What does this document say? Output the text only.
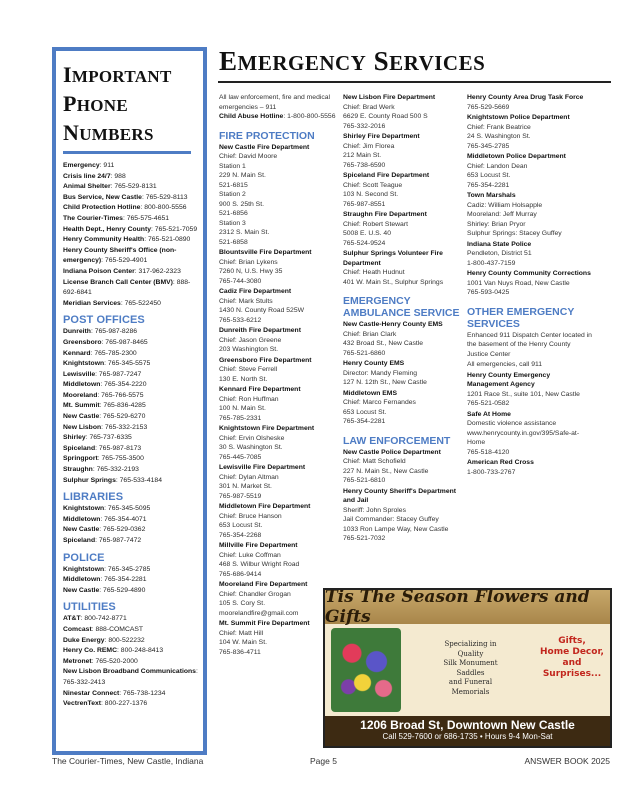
IMPORTANT
PHONE
NUMBERS
Emergency: 911
Crisis line 24/7: 988
Animal Shelter: 765-529-8131
Bus Service, New Castle: 765-529-8113
Child Protection Hotline: 800-800-5556
The Courier-Times: 765-575-4651
Health Dept., Henry County: 765-521-7059
Henry Community Health: 765-521-0890
Henry County Sheriff's Office (non-emergency): 765-529-4901
Indiana Poison Center: 317-962-2323
License Branch Call Center (BMV): 888-692-6841
Meridian Services: 765-522450
POST OFFICES
Dunreith: 765-987-8286
Greensboro: 765-987-8465
Kennard: 765-785-2300
Knightstown: 765-345-5575
Lewisville: 765-987-7247
Middletown: 765-354-2220
Mooreland: 765-766-5575
Mt. Summit: 765-836-4285
New Castle: 765-529-6270
New Lisbon: 765-332-2153
Shirley: 765-737-6335
Spiceland: 765-987-8173
Springport: 765-755-3500
Straughn: 765-332-2193
Sulphur Springs: 765-533-4184
LIBRARIES
Knightstown: 765-345-5095
Middletown: 765-354-4071
New Castle: 765-529-0362
Spiceland: 765-987-7472
POLICE
Knightstown: 765-345-2785
Middletown: 765-354-2281
New Castle: 765-529-4890
UTILITIES
AT&T: 800-742-8771
Comcast: 888-COMCAST
Duke Energy: 800-522232
Henry Co. REMC: 800-248-8413
Metronet: 765-520-2000
New Lisbon Broadband Communications: 765-332-2413
Ninestar Connect: 765-738-1234
VectrenText: 800-227-1376
EMERGENCY SERVICES
All law enforcement, fire and medical emergencies – 911
Child Abuse Hotline: 1-800-800-5556
FIRE PROTECTION
New Castle Fire Department
Chief: David Moore
Station 1
229 N. Main St.
521-6815
Station 2
900 S. 25th St.
521-6856
Station 3
2312 S. Main St.
521-6858
Blountsville Fire Department
Chief: Brian Lykens
7260 N, U.S. Hwy 35
765-744-3080
Cadiz Fire Department
Chief: Mark Stults
1430 N. County Road 525W
765-533-6212
Dunreith Fire Department
Chief: Jason Greene
203 Washington St.
Greensboro Fire Department
Chief: Steve Ferrell
130 E. North St.
Kennard Fire Department
Chief: Ron Huffman
100 N. Main St.
765-785-2331
Knightstown Fire Department
Chief: Ervin Olsheske
30 S. Washington St.
765-445-7085
Lewisville Fire Department
Chief: Dylan Altman
301 N. Market St.
765-987-5519
Middletown Fire Department
Chief: Bruce Hanson
653 Locust St.
765-354-2268
Millville Fire Department
Chief: Luke Coffman
468 S. Wilbur Wright Road
765-686-9414
Mooreland Fire Department
Chief: Chandler Grogan
105 S. Cory St.
moorelandfire@gmail.com
Mt. Summit Fire Department
Chief: Matt Hill
104 W. Main St.
765-836-4711
New Lisbon Fire Department
Chief: Brad Werk
6629 E. County Road 500 S
765-332-2016
Shirley Fire Department
Chief: Jim Florea
212 Main St.
765-738-6590
Spiceland Fire Department
Chief: Scott Teague
103 N. Second St.
765-987-8551
Straughn Fire Department
Chief: Robert Stewart
5008 E. U.S. 40
765-524-9524
Sulphur Springs Volunteer Fire Department
Chief: Heath Hudnut
401 W. Main St., Sulphur Springs
EMERGENCY AMBULANCE SERVICE
New Castle-Henry County EMS
Chief: Brian Clark
432 Broad St., New Castle
765-521-6860
Henry County EMS
Director: Mandy Fleming
127 N. 12th St., New Castle
Middletown EMS
Chief: Marco Fernandes
653 Locust St.
765-354-2281
LAW ENFORCEMENT
New Castle Police Department
Chief: Matt Schofield
227 N. Main St., New Castle
765-521-6810
Henry County Sheriff's Department and Jail
Sheriff: John Sproles
Jail Commander: Stacey Guffey
1033 Ron Lampe Way, New Castle
765-521-7032
Henry County Area Drug Task Force
765-529-5669
Knightstown Police Department
Chief: Frank Beatrice
24 S. Washington St.
765-345-2785
Middletown Police Department
Chief: Landon Dean
653 Locust St.
765-354-2281
Town Marshals
Cadiz: William Holsapple
Mooreland: Jeff Murray
Shirley: Brian Pryor
Sulphur Springs: Stacey Guffey
Indiana State Police
Pendleton, District 51
1-800-437-7159
Henry County Community Corrections
1001 Van Nuys Road, New Castle
765-593-0425
OTHER EMERGENCY SERVICES
Enhanced 911 Dispatch Center located in the basement of the Henry County Justice Center
All emergencies, call 911
Henry County Emergency Management Agency
1201 Race St., suite 101, New Castle
765-521-0582
Safe At Home
Domestic violence assistance
www.henrycounty.in.gov/395/Safe-at-Home
765-518-4120
American Red Cross
1-800-733-2767
Tis The Season Flowers and Gifts
Specializing in
Quality
Silk Monument
Saddles
and Funeral
Memorials
Gifts,
Home Decor,
and
Surprises...
1206 Broad St, Downtown New Castle
Call 529-7600 or 686-1735 • Hours 9-4 Mon-Sat
The Courier-Times, New Castle, Indiana	Page 5	ANSWER BOOK 2025
